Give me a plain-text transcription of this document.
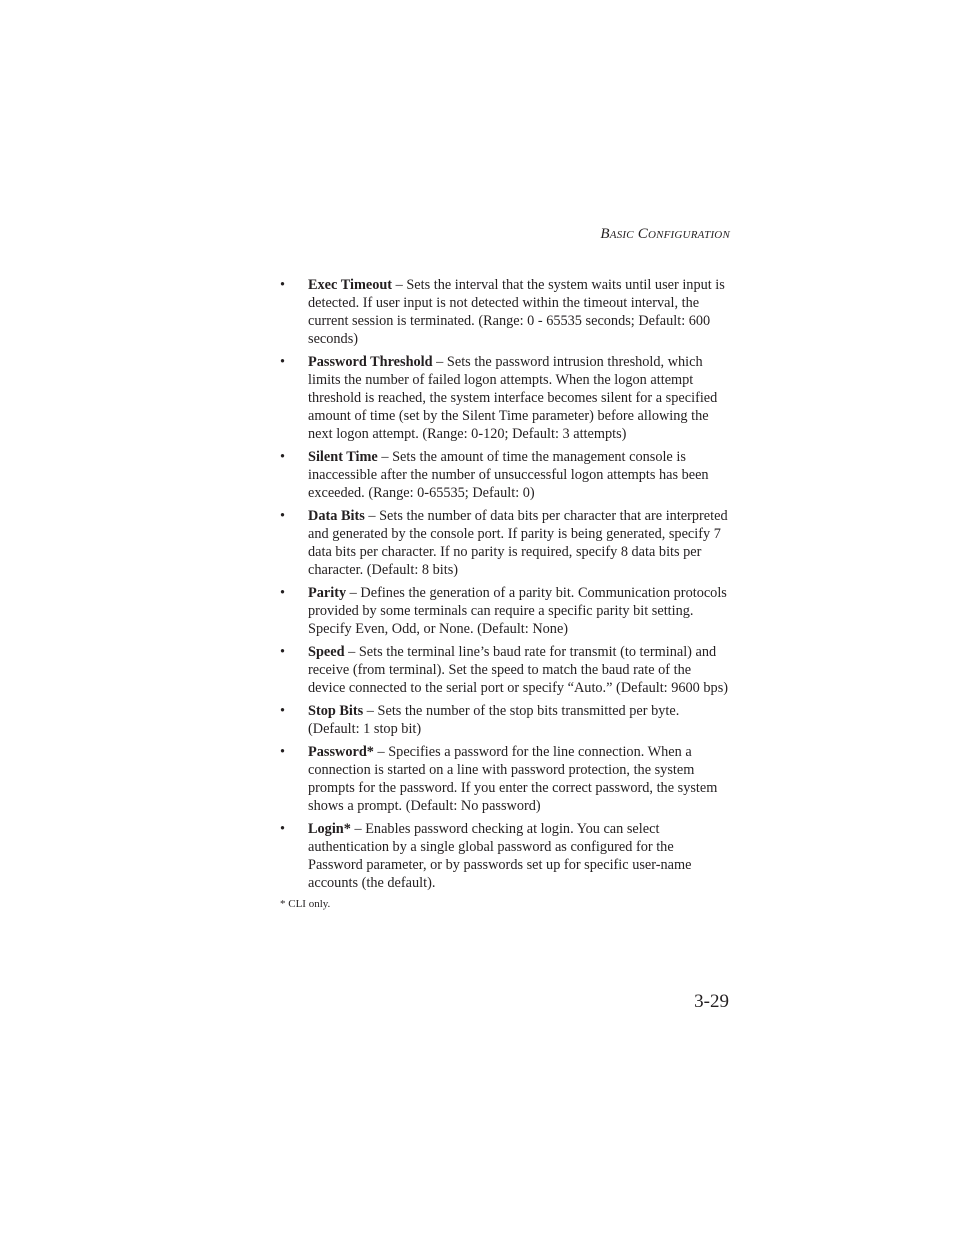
Basic Configuration
• Exec Timeout – Sets the interval that the system waits until user input is detected. If user input is not detected within the timeout interval, the current session is terminated. (Range: 0 - 65535 seconds; Default: 600 seconds)
• Password Threshold – Sets the password intrusion threshold, which limits the number of failed logon attempts. When the logon attempt threshold is reached, the system interface becomes silent for a specified amount of time (set by the Silent Time parameter) before allowing the next logon attempt. (Range: 0-120; Default: 3 attempts)
• Silent Time – Sets the amount of time the management console is inaccessible after the number of unsuccessful logon attempts has been exceeded. (Range: 0-65535; Default: 0)
• Data Bits – Sets the number of data bits per character that are interpreted and generated by the console port. If parity is being generated, specify 7 data bits per character. If no parity is required, specify 8 data bits per character. (Default: 8 bits)
• Parity – Defines the generation of a parity bit. Communication protocols provided by some terminals can require a specific parity bit setting. Specify Even, Odd, or None. (Default: None)
• Speed – Sets the terminal line’s baud rate for transmit (to terminal) and receive (from terminal). Set the speed to match the baud rate of the device connected to the serial port or specify “Auto.” (Default: 9600 bps)
• Stop Bits – Sets the number of the stop bits transmitted per byte. (Default: 1 stop bit)
• Password* – Specifies a password for the line connection. When a connection is started on a line with password protection, the system prompts for the password. If you enter the correct password, the system shows a prompt. (Default: No password)
• Login* – Enables password checking at login. You can select authentication by a single global password as configured for the Password parameter, or by passwords set up for specific user-name accounts (the default).
* CLI only.
3-29
